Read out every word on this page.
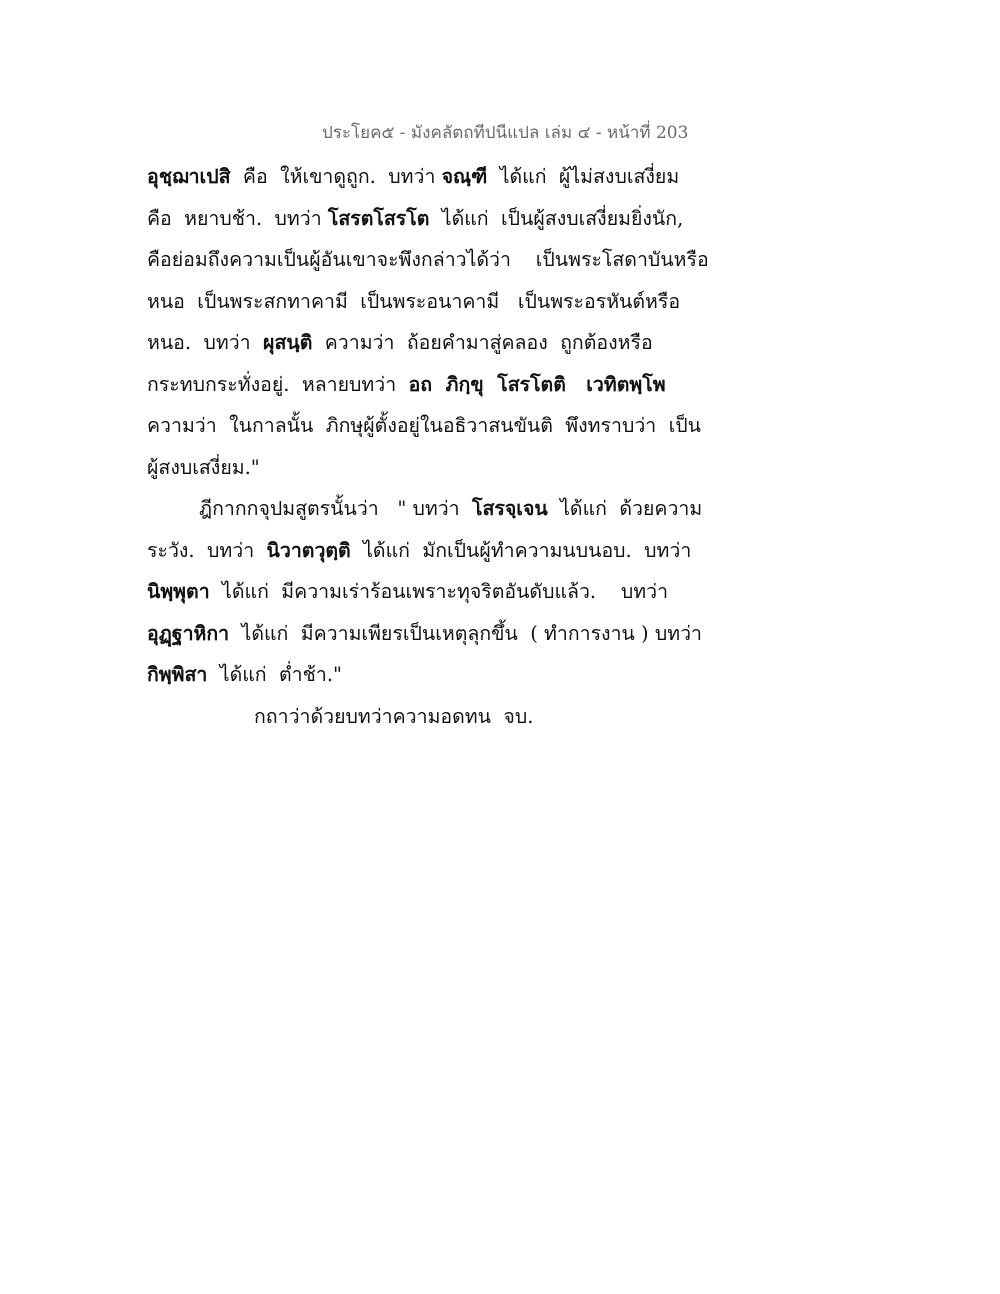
ประโยค๕ - มังคลัตถทีปนีแปล เล่ม ๔ - หน้าที่ 203
อุชฺฌาเปสิ  คือ  ให้เขาดูถูก.  บทว่า จณฺฑี  ได้แก่  ผู้ไม่สงบเสงี่ยม
คือ  หยาบช้า.  บทว่า โสรตโสรโต  ได้แก่  เป็นผู้สงบเสงี่ยมยิ่งนัก,
คือย่อมถึงความเป็นผู้อันเขาจะพึงกล่าวได้ว่า    เป็นพระโสดาบันหรือ
หนอ  เป็นพระสกทาคามี  เป็นพระอนาคามี   เป็นพระอรหันต์หรือ
หนอ.  บทว่า  ผุสนฺติ  ความว่า  ถ้อยคำมาสู่คลอง  ถูกต้องหรือ
กระทบกระทั่งอยู่.  หลายบทว่า  อถ  ภิกฺขุ  โสรโตติ   เวทิตพฺโพ
ความว่า  ในกาลนั้น  ภิกษุผู้ตั้งอยู่ในอธิวาสนขันติ  พึงทราบว่า  เป็น
ผู้สงบเสงี่ยม."
ฎีกากกจุปมสูตรนั้นว่า   " บทว่า  โสรจฺเจน  ได้แก่  ด้วยความ
ระวัง.  บทว่า  นิวาตวุตฺติ  ได้แก่  มักเป็นผู้ทำความนบนอบ.  บทว่า
นิพฺพุตา  ได้แก่  มีความเร่าร้อนเพราะทุจริตอันดับแล้ว.    บทว่า
อุฏฺฐาหิกา  ได้แก่  มีความเพียรเป็นเหตุลุกขึ้น  ( ทำการงาน ) บทว่า
กิพฺพิสา  ได้แก่  ต่ำช้า."
กถาว่าด้วยบทว่าความอดทน  จบ.
